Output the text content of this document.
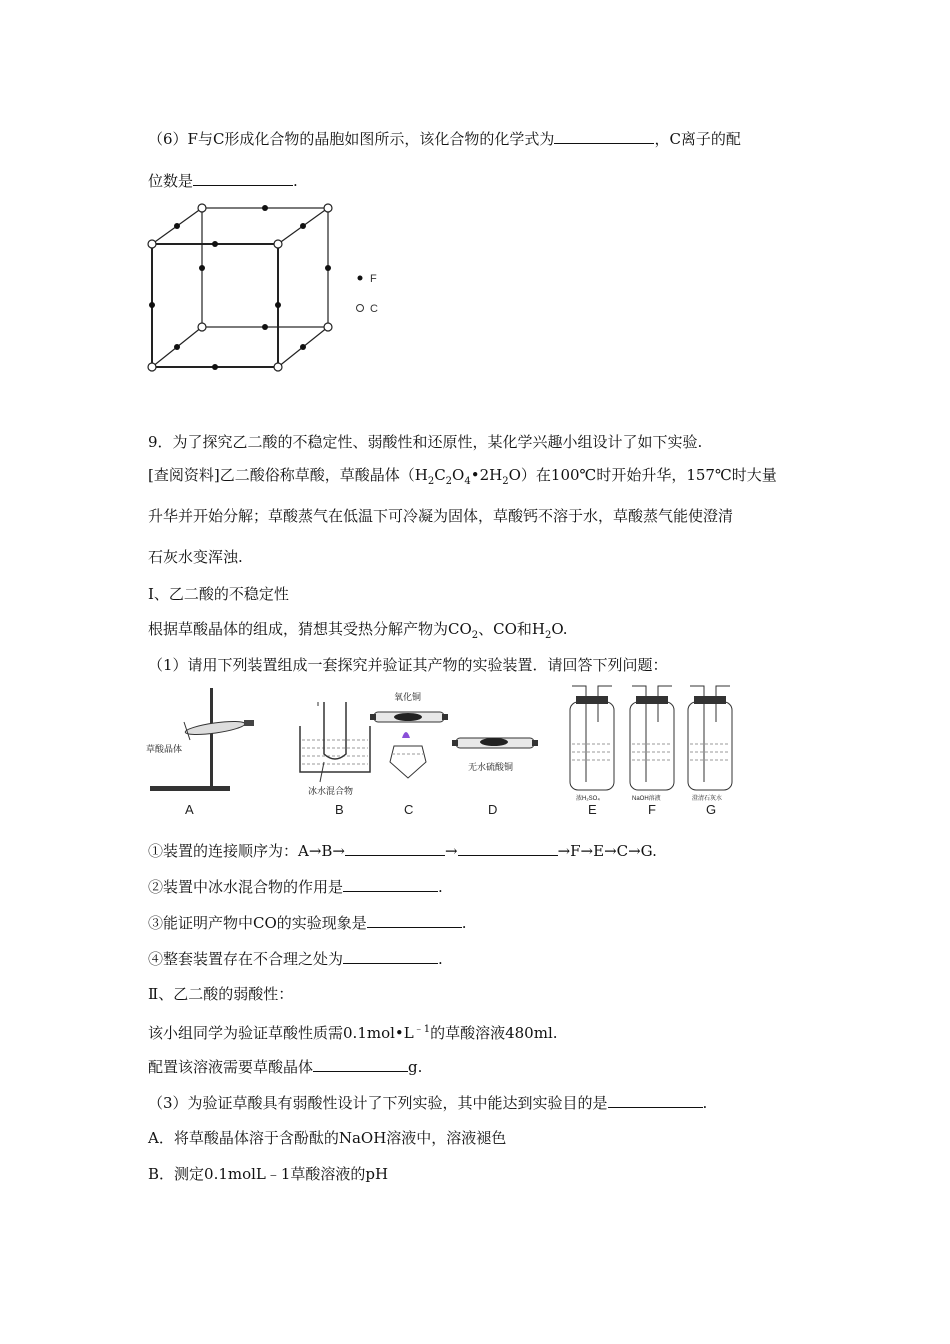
（6）F与C形成化合物的晶胞如图所示，该化合物的化学式为	，C离子的配
位数是	.
F
C
9．为了探究乙二酸的不稳定性、弱酸性和还原性，某化学兴趣小组设计了如下实验.
[查阅资料]乙二酸俗称草酸，草酸晶体$(H_2C_2O_4•2H_2O)$在100℃时开始升华，157℃时大量
升华并开始分解；草酸蒸气在低温下可冷凝为固体，草酸钙不溶于水，草酸蒸气能使澄清
石灰水变浑浊.
I、乙二酸的不稳定性
根据草酸晶体的组成，猜想其受热分解产物为$CO_2$、CO和$H_2O$.
（1）请用下列装置组成一套探究并验证其产物的实验装置．请回答下列问题：
草酸晶体
A
冰水混合物
B
氧化铜
C
无水硫酸铜
D
浓H₂SO₄
E
NaOH溶液
F
澄清石灰水
G
①装置的连接顺序为：A→B→	→	→F→E→C→G.
②装置中冰水混合物的作用是	.
③能证明产物中CO的实验现象是	.
④整套装置存在不合理之处为	.
Ⅱ、乙二酸的弱酸性：
该小组同学为验证草酸性质需$0.1mol•L^{﹣1}$的草酸溶液480ml.
配置该溶液需要草酸晶体	g.
（3）为验证草酸具有弱酸性设计了下列实验，其中能达到实验目的是	.
A．将草酸晶体溶于含酚酞的NaOH溶液中，溶液褪色
B．测定0.1molL﹣1草酸溶液的pH
